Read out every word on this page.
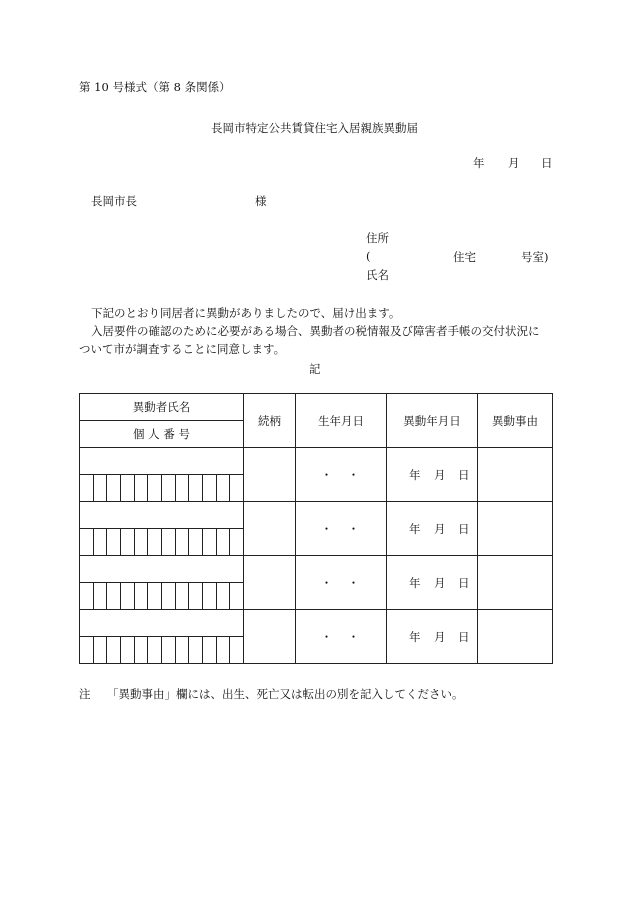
第 10 号様式（第 8 条関係）
長岡市特定公共賃貸住宅入居親族異動届
年 月 日
長岡市長	様
住所
(	住宅	号室)
氏名
下記のとおり同居者に異動がありましたので、届け出ます。
入居要件の確認のために必要がある場合、異動者の税情報及び障害者手帳の交付状況に
ついて市が調査することに同意します。
記
異動者氏名	続柄	生年月日	異動年月日	異動事由
個 人 番 号				
		・　・	年 月 日	

		・　・	年 月 日	

		・　・	年 月 日	

		・　・	年 月 日	

注 「異動事由」欄には、出生、死亡又は転出の別を記入してください。
